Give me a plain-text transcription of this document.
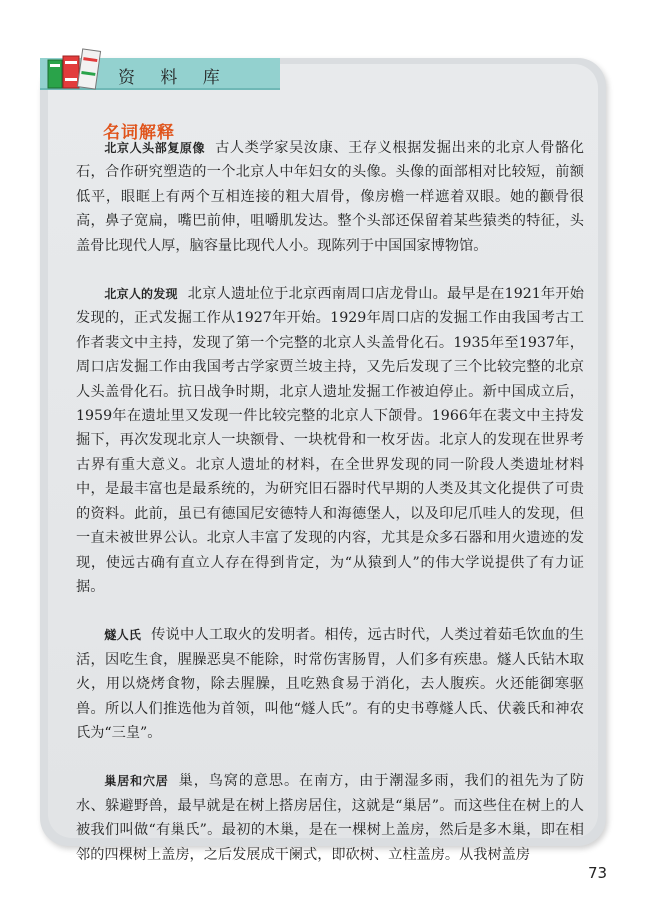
资 料 库
名词解释

北京人头部复原像 古人类学家吴汝康、王存义根据发掘出来的北京人骨骼化石，合作研究塑造的一个北京人中年妇女的头像。头像的面部相对比较短，前额低平，眼眶上有两个互相连接的粗大眉骨，像房檐一样遮着双眼。她的颧骨很高，鼻子宽扁，嘴巴前伸，咀嚼肌发达。整个头部还保留着某些猿类的特征，头盖骨比现代人厚，脑容量比现代人小。现陈列于中国国家博物馆。

北京人的发现 北京人遗址位于北京西南周口店龙骨山。最早是在1921年开始发现的，正式发掘工作从1927年开始。1929年周口店的发掘工作由我国考古工作者裴文中主持，发现了第一个完整的北京人头盖骨化石。1935年至1937年，周口店发掘工作由我国考古学家贾兰坡主持，又先后发现了三个比较完整的北京人头盖骨化石。抗日战争时期，北京人遗址发掘工作被迫停止。新中国成立后，1959年在遗址里又发现一件比较完整的北京人下颌骨。1966年在裴文中主持发掘下，再次发现北京人一块额骨、一块枕骨和一枚牙齿。北京人的发现在世界考古界有重大意义。北京人遗址的材料，在全世界发现的同一阶段人类遗址材料中，是最丰富也是最系统的，为研究旧石器时代早期的人类及其文化提供了可贵的资料。此前，虽已有德国尼安德特人和海德堡人，以及印尼爪哇人的发现，但一直未被世界公认。北京人丰富了发现的内容，尤其是众多石器和用火遗迹的发现，使远古确有直立人存在得到肯定，为“从猿到人”的伟大学说提供了有力证据。

燧人氏 传说中人工取火的发明者。相传，远古时代，人类过着茹毛饮血的生活，因吃生食，腥臊恶臭不能除，时常伤害肠胃，人们多有疾患。燧人氏钻木取火，用以烧烤食物，除去腥臊，且吃熟食易于消化，去人腹疾。火还能御寒驱兽。所以人们推选他为首领，叫他“燧人氏”。有的史书尊燧人氏、伏羲氏和神农氏为“三皇”。

巢居和穴居 巢，鸟窝的意思。在南方，由于潮湿多雨，我们的祖先为了防水、躲避野兽，最早就是在树上搭房居住，这就是“巢居”。而这些住在树上的人被我们叫做“有巢氏”。最初的木巢，是在一棵树上盖房，然后是多木巢，即在相邻的四棵树上盖房，之后发展成干阑式，即砍树、立柱盖房。从我树盖房

73
